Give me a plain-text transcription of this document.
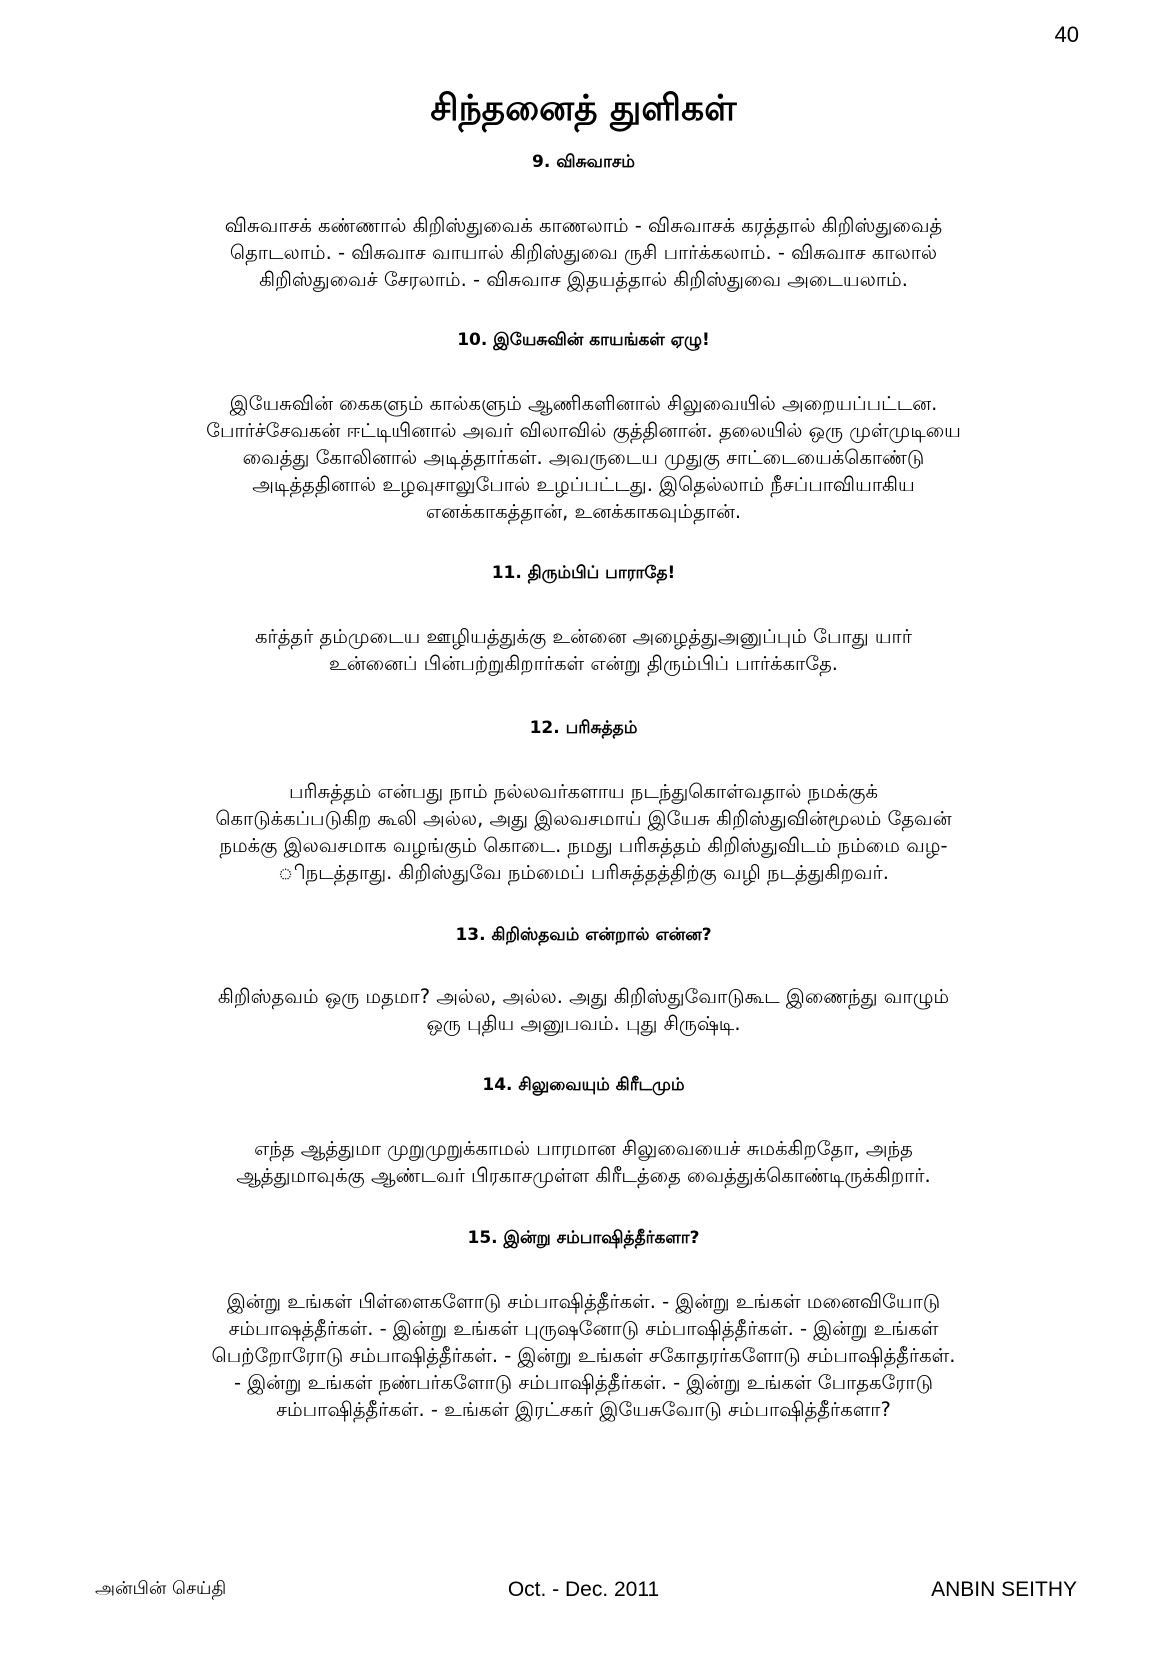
40
சிந்தனைத் துளிகள்
9. விசுவாசம்

விசுவாசக் கண்ணால் கிறிஸ்துவைக் காணலாம் - விசுவாசக் கரத்தால் கிறிஸ்துவைத்
தொடலாம். - விசுவாச வாயால் கிறிஸ்துவை ருசி பார்க்கலாம். - விசுவாச காலால்
கிறிஸ்துவைச் சேரலாம். - விசுவாச இதயத்தால் கிறிஸ்துவை அடையலாம்.

10. இயேசுவின் காயங்கள் ஏழு!

இயேசுவின் கைகளும் கால்களும் ஆணிகளினால் சிலுவையில் அறையப்பட்டன.
போர்ச்சேவகன் ஈட்டியினால் அவர் விலாவில் குத்தினான். தலையில் ஒரு முள்முடியை
வைத்து கோலினால் அடித்தார்கள். அவருடைய முதுகு சாட்டையைக்கொண்டு
அடித்ததினால் உழவுசாலுபோல் உழப்பட்டது. இதெல்லாம் நீசப்பாவியாகிய
எனக்காகத்தான், உனக்காகவும்தான்.

11. திரும்பிப் பாராதே!

கர்த்தர் தம்முடைய ஊழியத்துக்கு உன்னை அழைத்துஅனுப்பும் போது யார்
உன்னைப் பின்பற்றுகிறார்கள் என்று திரும்பிப் பார்க்காதே.

12. பரிசுத்தம்

பரிசுத்தம் என்பது நாம் நல்லவர்களாய நடந்துகொள்வதால் நமக்குக்
கொடுக்கப்படுகிற கூலி அல்ல, அது இலவசமாய் இயேசு கிறிஸ்துவின்மூலம் தேவன்
நமக்கு இலவசமாக வழங்கும் கொடை. நமது பரிசுத்தம் கிறிஸ்துவிடம் நம்மை வழ-
ிநடத்தாது. கிறிஸ்துவே நம்மைப் பரிசுத்தத்திற்கு வழி நடத்துகிறவர்.

13. கிறிஸ்தவம் என்றால் என்ன?

கிறிஸ்தவம் ஒரு மதமா? அல்ல, அல்ல. அது கிறிஸ்துவோடுகூட இணைந்து வாழும்
ஒரு புதிய அனுபவம். புது சிருஷ்டி.

14. சிலுவையும் கிரீடமும்

எந்த ஆத்துமா முறுமுறுக்காமல் பாரமான சிலுவையைச் சுமக்கிறதோ, அந்த
ஆத்துமாவுக்கு ஆண்டவர் பிரகாசமுள்ள கிரீடத்தை வைத்துக்கொண்டிருக்கிறார்.

15. இன்று சம்பாஷித்தீர்களா?

இன்று உங்கள் பிள்ளைகளோடு சம்பாஷித்தீர்கள். - இன்று உங்கள் மனைவியோடு
சம்பாஷத்தீர்கள். - இன்று உங்கள் புருஷனோடு சம்பாஷித்தீர்கள். - இன்று உங்கள்
பெற்றோரோடு சம்பாஷித்தீர்கள். - இன்று உங்கள் சகோதரர்களோடு சம்பாஷித்தீர்கள்.
- இன்று உங்கள் நண்பர்களோடு சம்பாஷித்தீர்கள். - இன்று உங்கள் போதகரோடு
சம்பாஷித்தீர்கள். - உங்கள் இரட்சகர் இயேசுவோடு சம்பாஷித்தீர்களா?

அன்பின் செய்தி	Oct. - Dec. 2011	ANBIN SEITHY
